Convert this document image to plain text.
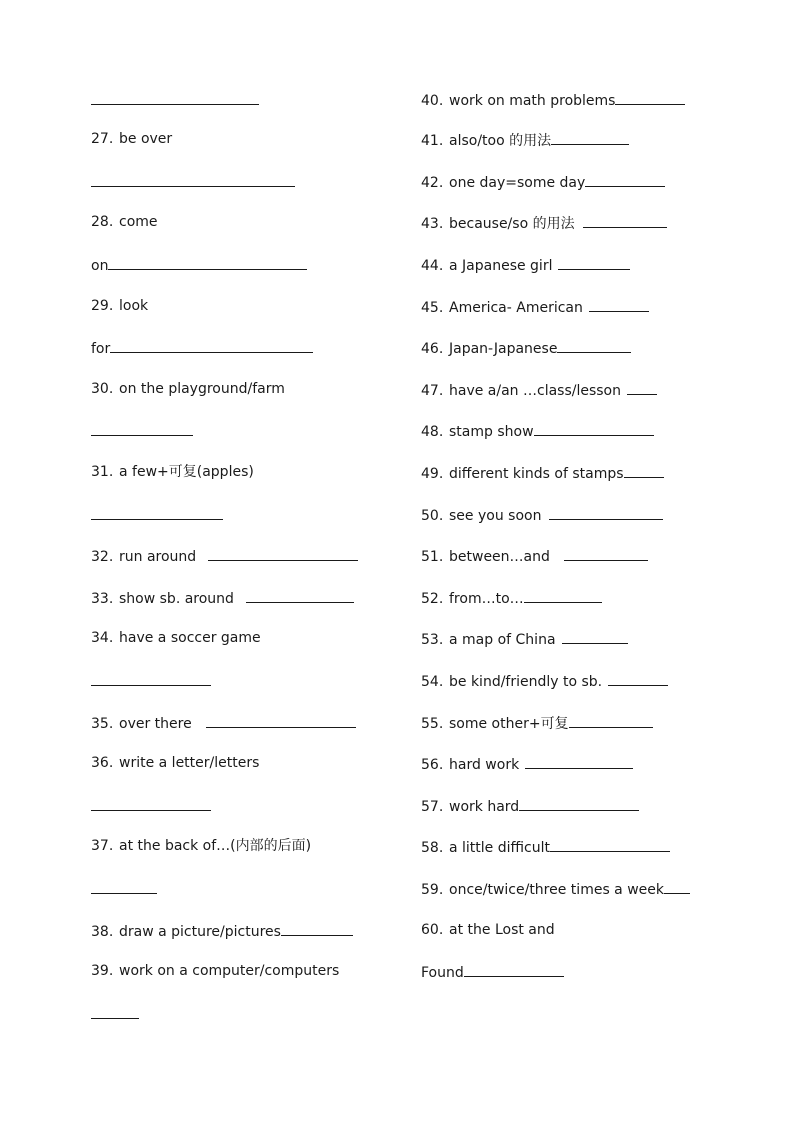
27. be over
28. come
on
29. look
for
30. on the playground/farm
31. a few+可复(apples)
32. run around
33. show sb. around
34. have a soccer game
35. over there
36. write a letter/letters
37. at the back of…(内部的后面)
38. draw a picture/pictures
39. work on a computer/computers
40. work on math problems
41. also/too 的用法
42. one day=some day
43. because/so 的用法
44. a Japanese girl
45. America- American
46. Japan-Japanese
47. have a/an …class/lesson
48. stamp show
49. different kinds of stamps
50. see you soon
51. between…and
52. from…to…
53. a map of China
54. be kind/friendly to sb.
55. some other+可复
56. hard work
57. work hard
58. a little difficult
59. once/twice/three times a week
60. at the Lost and
Found
